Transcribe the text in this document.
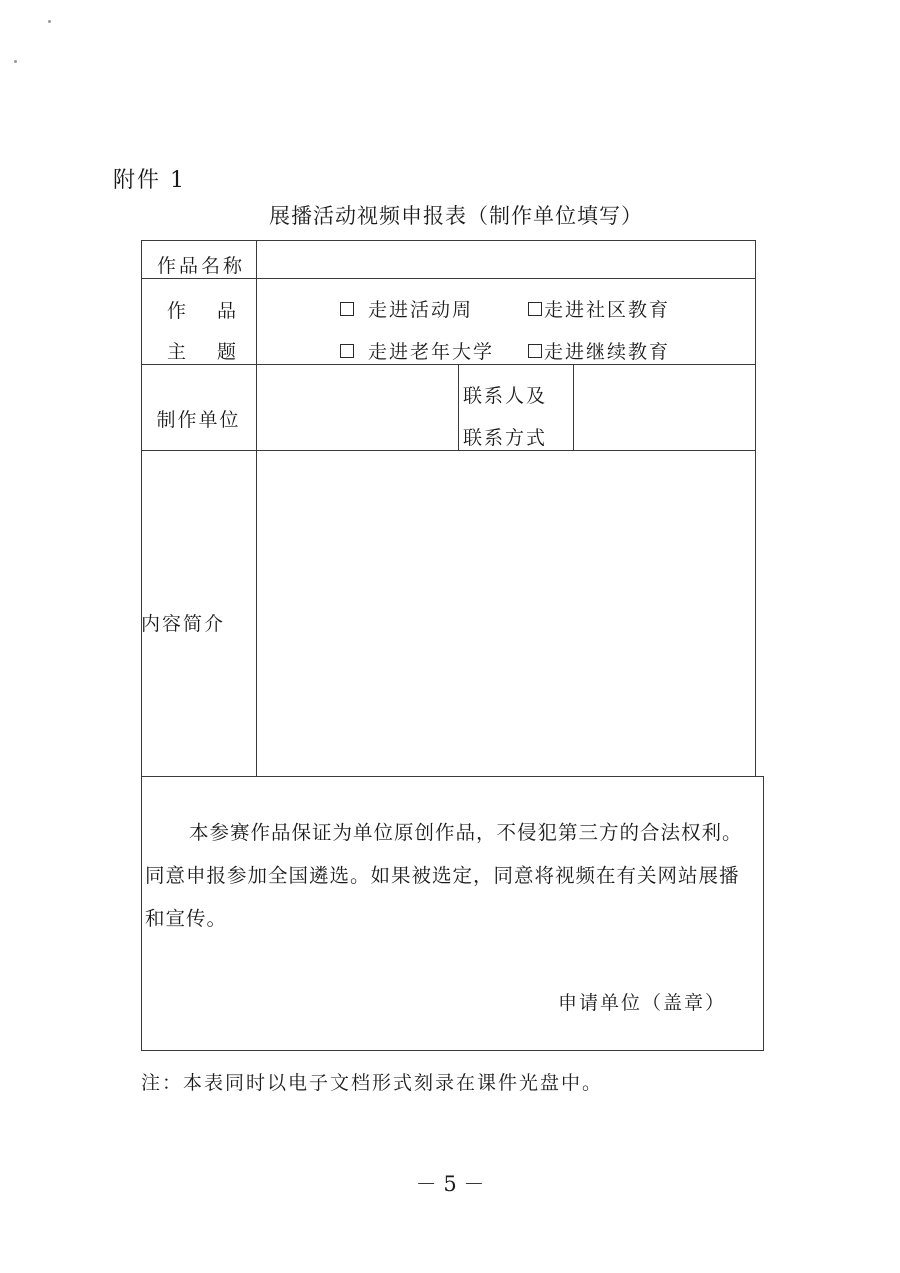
附件 1
展播活动视频申报表（制作单位填写）
作品名称
作　 品
主　 题
走进活动周	走进社区教育
走进老年大学	走进继续教育
制作单位
联系人及
联系方式
内容简介

本参赛作品保证为单位原创作品，不侵犯第三方的合法权利。

同意申报参加全国遴选。如果被选定，同意将视频在有关网站展播

和宣传。

申请单位（盖章）
注：本表同时以电子文档形式刻录在课件光盘中。
－ 5 －
